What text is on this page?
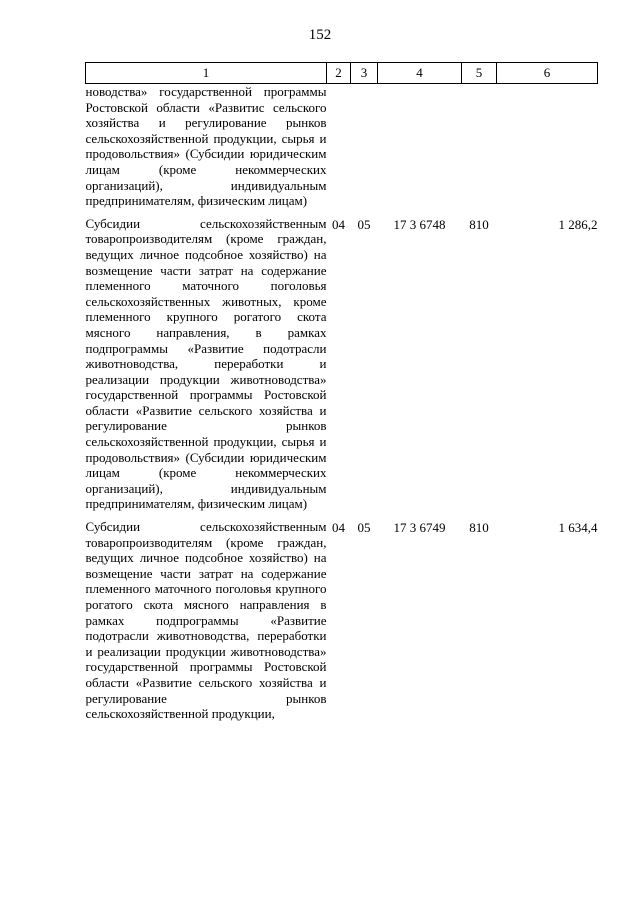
152
1	2	3	4	5	6
новодства» государственной программы Ростовской области «Развитис сельского хозяйства и регулирование рынков сельскохозяйственной продукции, сырья и продовольствия» (Субсидии юридическим лицам (кроме некоммерческих организаций), индивидуальным предпринимателям, физическим лицам)					
Субсидии сельскохозяйственным товаропроизводителям (кроме граждан, ведущих личное подсобное хозяйство) на возмещение части затрат на содержание племенного маточного поголовья сельскохозяйственных животных, кроме племенного крупного рогатого скота мясного направления, в рамках подпрограммы «Развитие подотрасли животноводства, переработки и реализации продукции животноводства» государственной программы Ростовской области «Развитие сельского хозяйства и регулирование рынков сельскохозяйственной продукции, сырья и продовольствия» (Субсидии юридическим лицам (кроме некоммерческих организаций), индивидуальным предпринимателям, физическим лицам)	04	05	17 3 6748	810	1 286,2
Субсидии сельскохозяйственным товаропроизводителям (кроме граждан, ведущих личное подсобное хозяйство) на возмещение части затрат на содержание племенного маточного поголовья крупного рогатого скота мясного направления в рамках подпрограммы «Развитие подотрасли животноводства, переработки и реализации продукции животноводства» государственной программы Ростовской области «Развитие сельского хозяйства и регулирование рынков сельскохозяйственной продукции,	04	05	17 3 6749	810	1 634,4
